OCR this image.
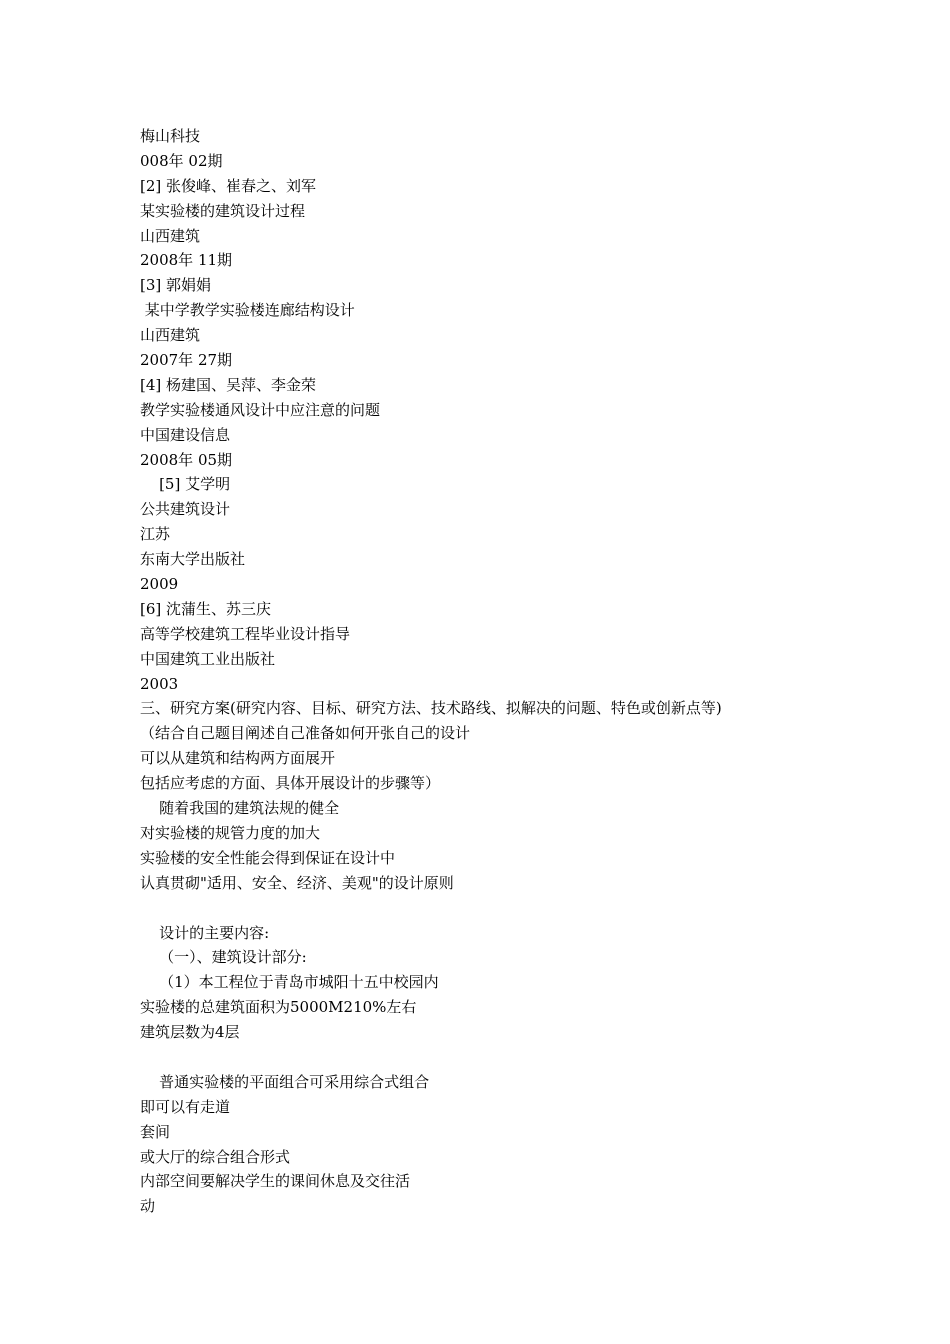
梅山科技
008年 02期
[2] 张俊峰、崔春之、刘军
某实验楼的建筑设计过程
山西建筑
2008年 11期
[3] 郭娟娟
某中学教学实验楼连廊结构设计
山西建筑
2007年 27期
[4] 杨建国、吴萍、李金荣
教学实验楼通风设计中应注意的问题
中国建设信息
2008年 05期
[5] 艾学明
公共建筑设计
江苏
东南大学出版社
2009
[6] 沈蒲生、苏三庆
高等学校建筑工程毕业设计指导
中国建筑工业出版社
2003
三、研究方案(研究内容、目标、研究方法、技术路线、拟解决的问题、特色或创新点等)
（结合自己题目阐述自己准备如何开张自己的设计
可以从建筑和结构两方面展开
包括应考虑的方面、具体开展设计的步骤等）
随着我国的建筑法规的健全
对实验楼的规管力度的加大
实验楼的安全性能会得到保证在设计中
认真贯砌"适用、安全、经济、美观"的设计原则
设计的主要内容:
（一）、建筑设计部分:
（1）本工程位于青岛市城阳十五中校园内
实验楼的总建筑面积为5000M210%左右
建筑层数为4层
普通实验楼的平面组合可采用综合式组合
即可以有走道
套间
或大厅的综合组合形式
内部空间要解决学生的课间休息及交往活
动
